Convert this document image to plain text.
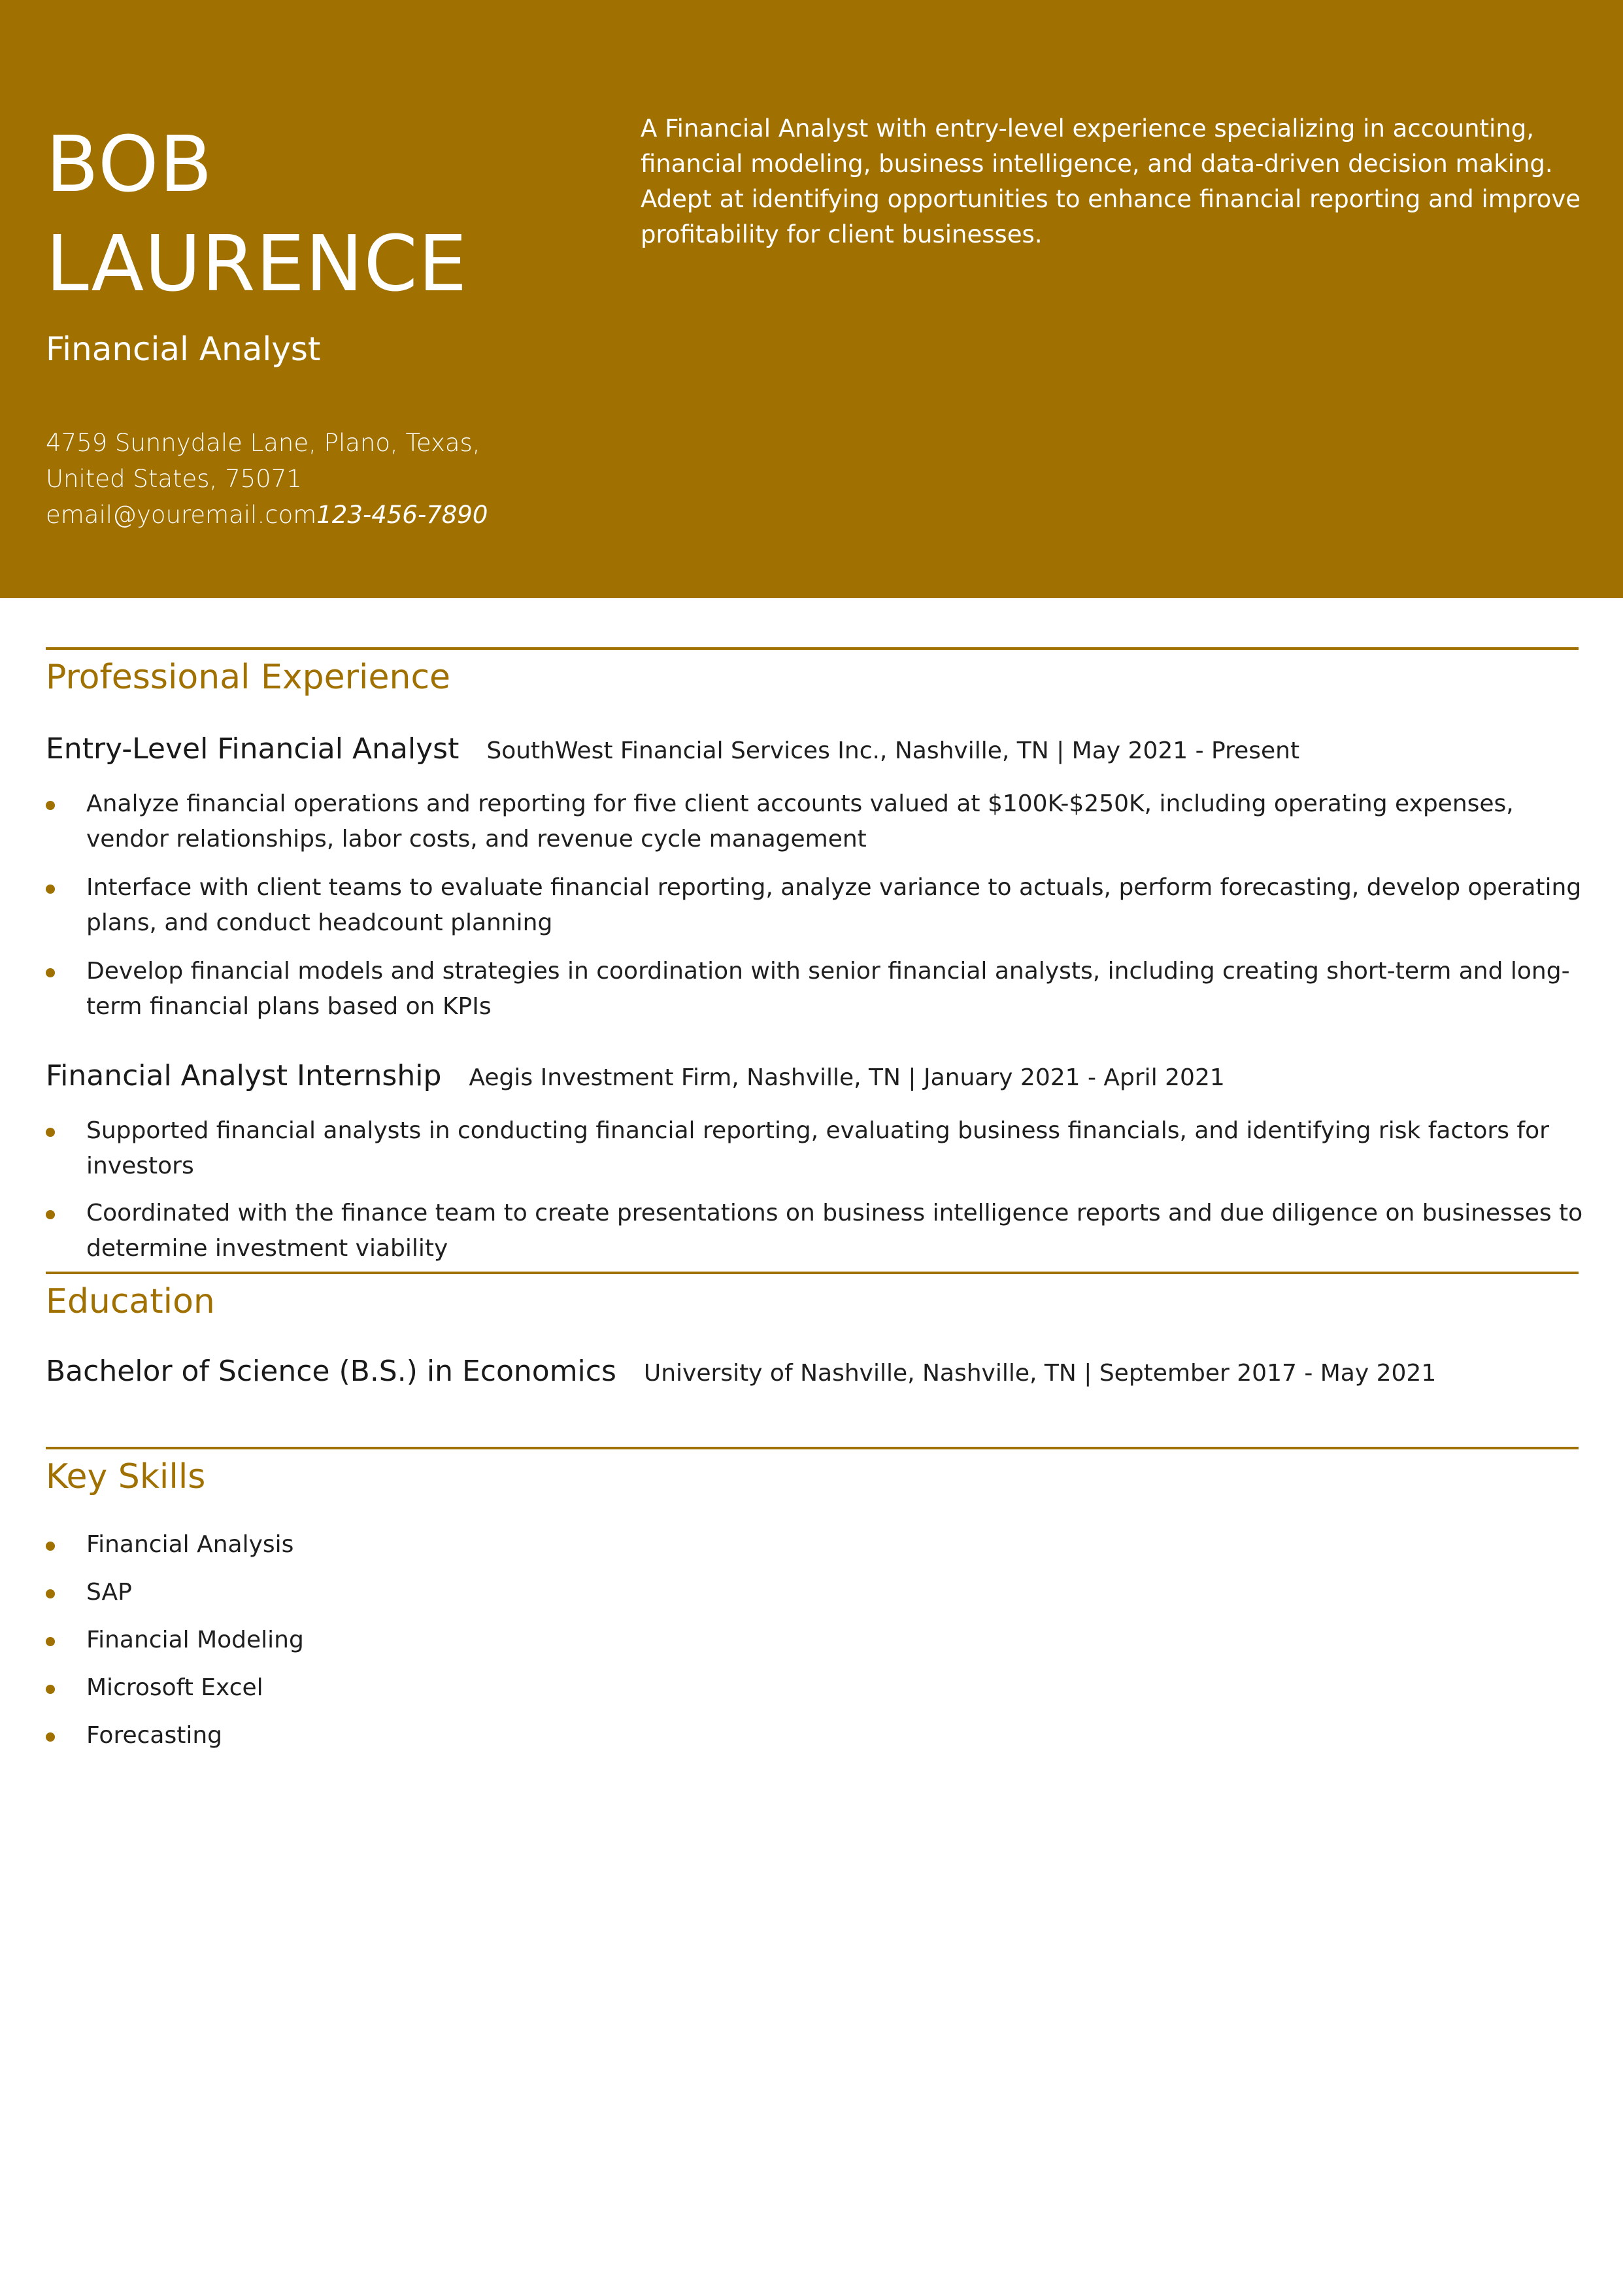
BOB
LAURENCE
Financial Analyst
4759 Sunnydale Lane, Plano, Texas, United States, 75071
email@youremail.com123-456-7890
A Financial Analyst with entry-level experience specializing in accounting, financial modeling, business intelligence, and data-driven decision making. Adept at identifying opportunities to enhance financial reporting and improve profitability for client businesses.
Professional Experience
Entry-Level Financial Analyst SouthWest Financial Services Inc., Nashville, TN | May 2021 - Present
Analyze financial operations and reporting for five client accounts valued at $100K-$250K, including operating expenses, vendor relationships, labor costs, and revenue cycle management
Interface with client teams to evaluate financial reporting, analyze variance to actuals, perform forecasting, develop operating plans, and conduct headcount planning
Develop financial models and strategies in coordination with senior financial analysts, including creating short-term and long-term financial plans based on KPIs
Financial Analyst Internship Aegis Investment Firm, Nashville, TN | January 2021 - April 2021
Supported financial analysts in conducting financial reporting, evaluating business financials, and identifying risk factors for investors
Coordinated with the finance team to create presentations on business intelligence reports and due diligence on businesses to determine investment viability
Education
Bachelor of Science (B.S.) in Economics University of Nashville, Nashville, TN | September 2017 - May 2021
Key Skills
Financial Analysis
SAP
Financial Modeling
Microsoft Excel
Forecasting
